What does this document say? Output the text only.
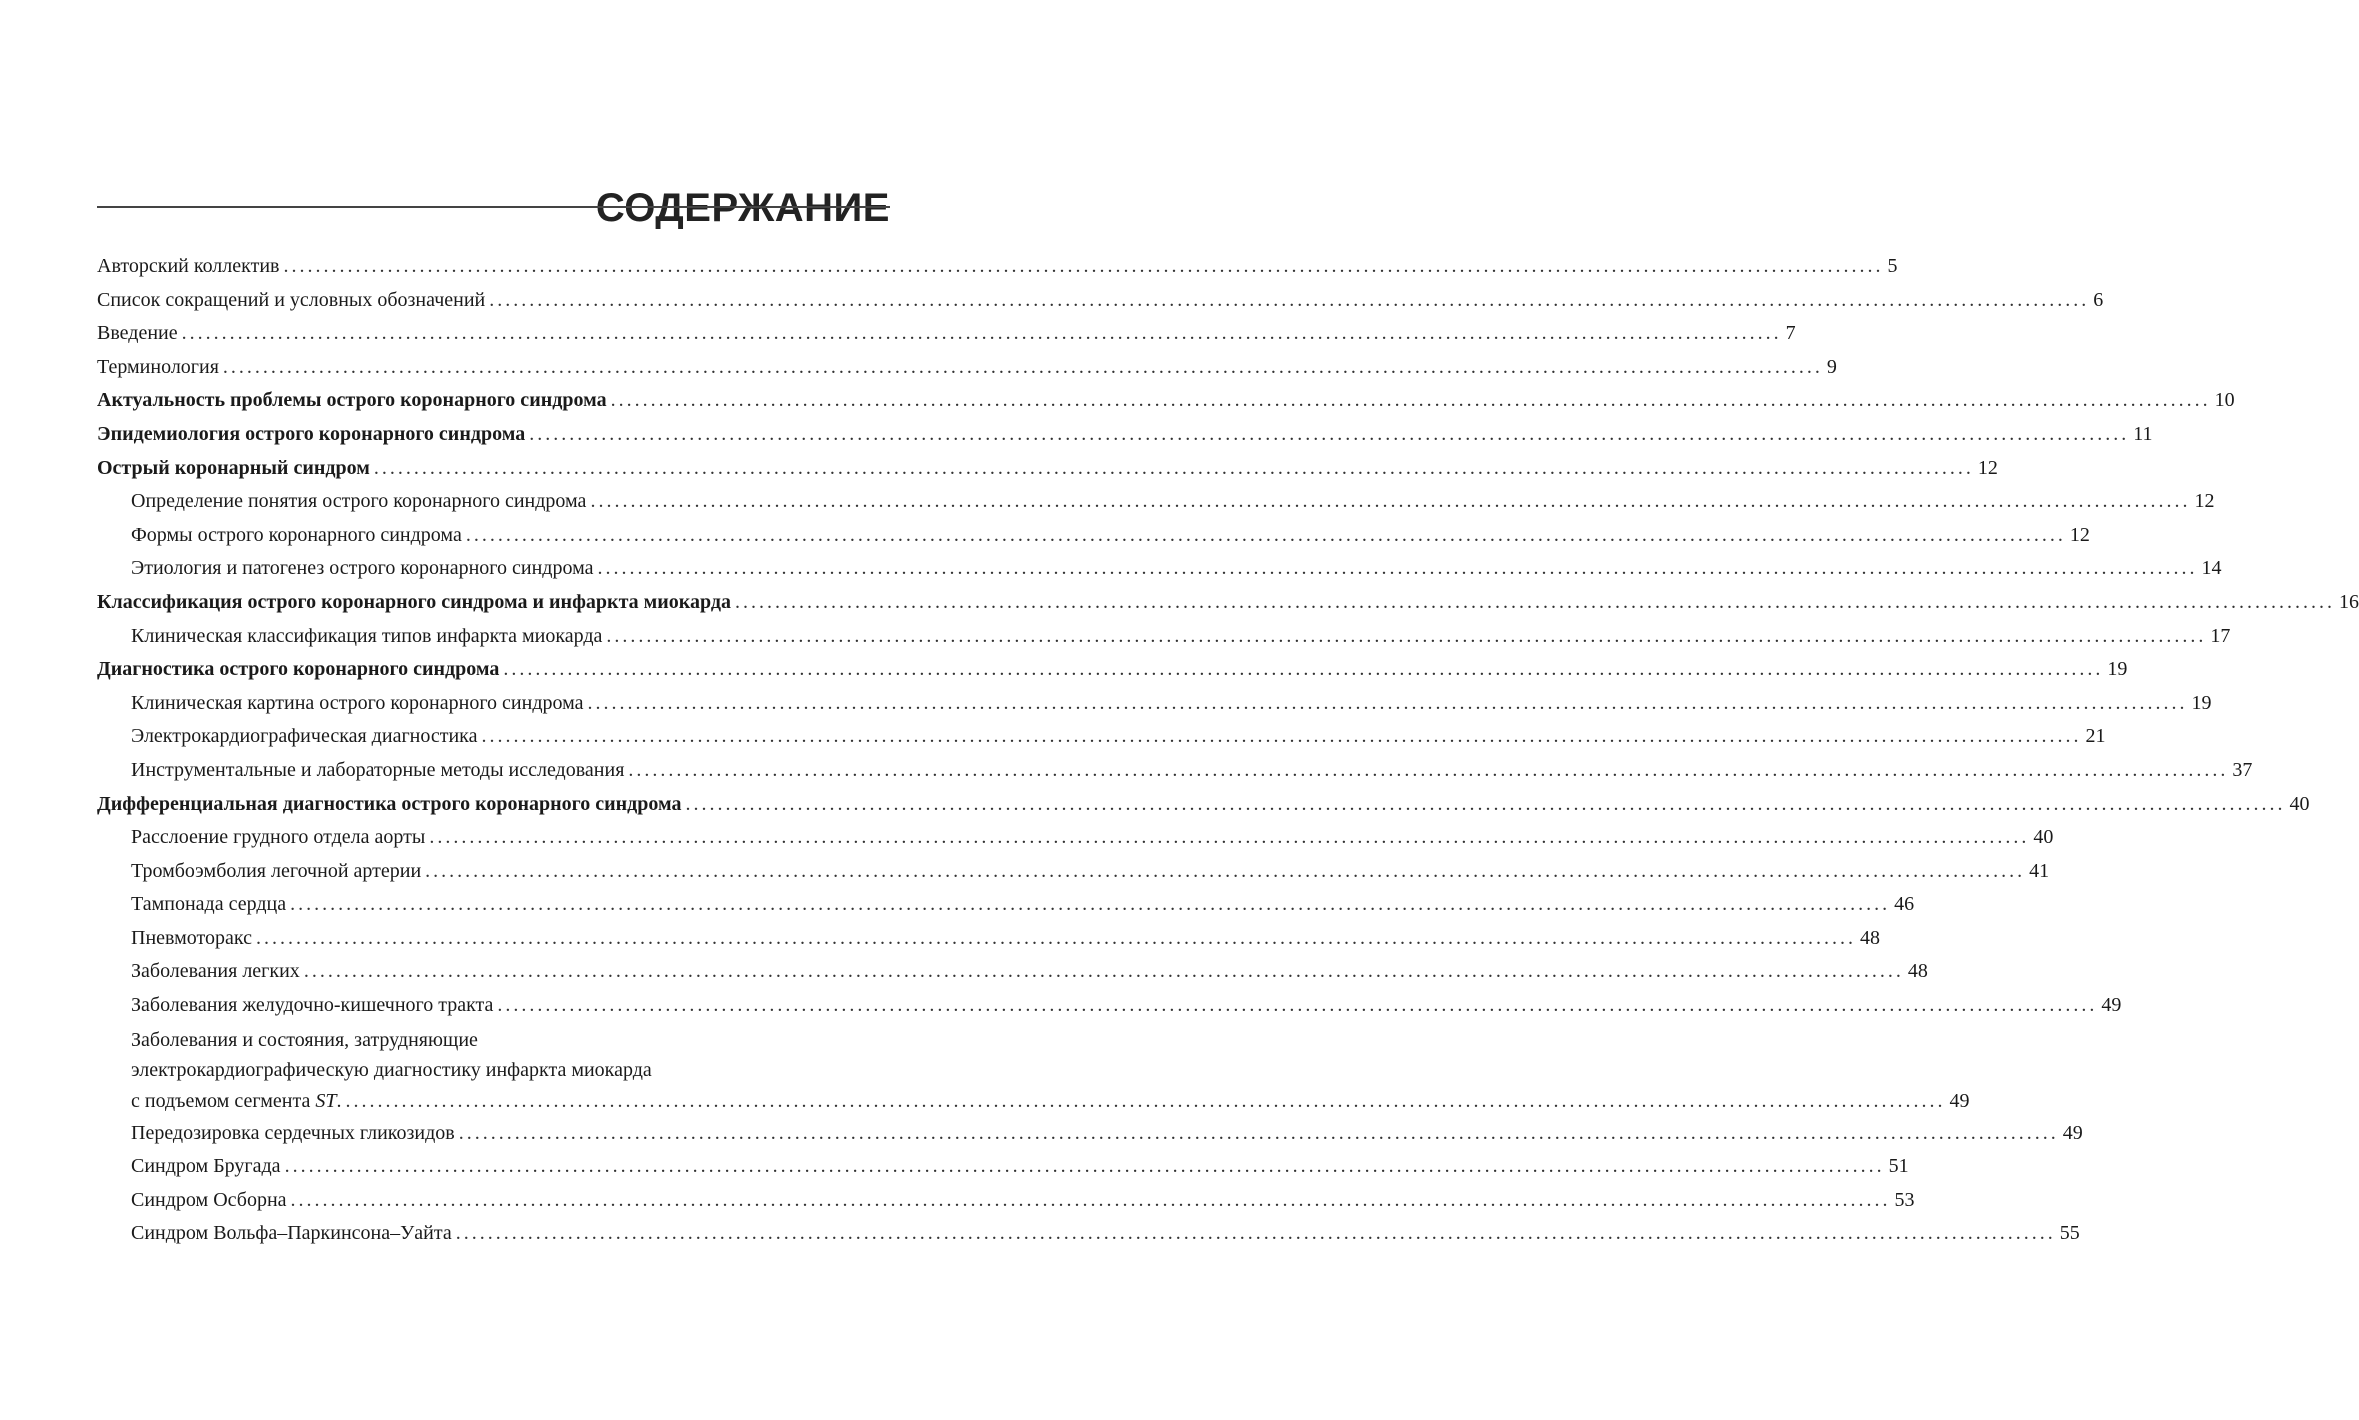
СОДЕРЖАНИЕ
Авторский коллектив ........................................................................................................................................................................................................ 5
Список сокращений и условных обозначений ........................................................................................................................................................................................................ 6
Введение ........................................................................................................................................................................................................ 7
Терминология ........................................................................................................................................................................................................ 9
Актуальность проблемы острого коронарного синдрома ........................................................................................................................................................................................................ 10
Эпидемиология острого коронарного синдрома ........................................................................................................................................................................................................ 11
Острый коронарный синдром ........................................................................................................................................................................................................ 12
Определение понятия острого коронарного синдрома ........................................................................................................................................................................................................ 12
Формы острого коронарного синдрома ........................................................................................................................................................................................................ 12
Этиология и патогенез острого коронарного синдрома ........................................................................................................................................................................................................ 14
Классификация острого коронарного синдрома и инфаркта миокарда ........................................................................................................................................................................................................ 16
Клиническая классификация типов инфаркта миокарда ........................................................................................................................................................................................................ 17
Диагностика острого коронарного синдрома ........................................................................................................................................................................................................ 19
Клиническая картина острого коронарного синдрома ........................................................................................................................................................................................................ 19
Электрокардиографическая диагностика ........................................................................................................................................................................................................ 21
Инструментальные и лабораторные методы исследования ........................................................................................................................................................................................................ 37
Дифференциальная диагностика острого коронарного синдрома ........................................................................................................................................................................................................ 40
Расслоение грудного отдела аорты ........................................................................................................................................................................................................ 40
Тромбоэмболия легочной артерии ........................................................................................................................................................................................................ 41
Тампонада сердца ........................................................................................................................................................................................................ 46
Пневмоторакс ........................................................................................................................................................................................................ 48
Заболевания легких ........................................................................................................................................................................................................ 48
Заболевания желудочно-кишечного тракта ........................................................................................................................................................................................................ 49
Заболевания и состояния, затрудняющие
электрокардиографическую диагностику инфаркта миокарда
с подъемом сегмента ST. ........................................................................................................................................................................................................ 49
Передозировка сердечных гликозидов ........................................................................................................................................................................................................ 49
Синдром Бругада ........................................................................................................................................................................................................ 51
Синдром Осборна ........................................................................................................................................................................................................ 53
Синдром Вольфа–Паркинсона–Уайта ........................................................................................................................................................................................................ 55
